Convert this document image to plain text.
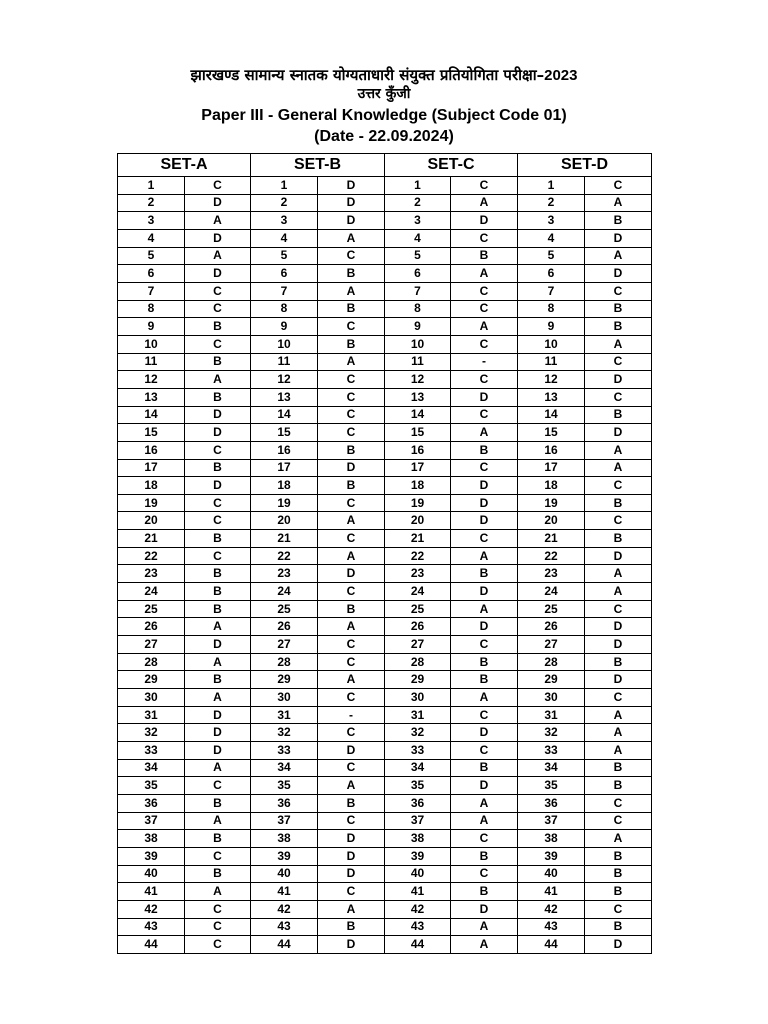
झारखण्ड सामान्य स्नातक योग्यताधारी संयुक्त प्रतियोगिता परीक्षा–2023
उत्तर कुँजी
Paper III - General Knowledge (Subject Code 01)
(Date - 22.09.2024)
SET-A		SET-B		SET-C		SET-D	
1	C	1	D	1	C	1	C
2	D	2	D	2	A	2	A
3	A	3	D	3	D	3	B
4	D	4	A	4	C	4	D
5	A	5	C	5	B	5	A
6	D	6	B	6	A	6	D
7	C	7	A	7	C	7	C
8	C	8	B	8	C	8	B
9	B	9	C	9	A	9	B
10	C	10	B	10	C	10	A
11	B	11	A	11	-	11	C
12	A	12	C	12	C	12	D
13	B	13	C	13	D	13	C
14	D	14	C	14	C	14	B
15	D	15	C	15	A	15	D
16	C	16	B	16	B	16	A
17	B	17	D	17	C	17	A
18	D	18	B	18	D	18	C
19	C	19	C	19	D	19	B
20	C	20	A	20	D	20	C
21	B	21	C	21	C	21	B
22	C	22	A	22	A	22	D
23	B	23	D	23	B	23	A
24	B	24	C	24	D	24	A
25	B	25	B	25	A	25	C
26	A	26	A	26	D	26	D
27	D	27	C	27	C	27	D
28	A	28	C	28	B	28	B
29	B	29	A	29	B	29	D
30	A	30	C	30	A	30	C
31	D	31	-	31	C	31	A
32	D	32	C	32	D	32	A
33	D	33	D	33	C	33	A
34	A	34	C	34	B	34	B
35	C	35	A	35	D	35	B
36	B	36	B	36	A	36	C
37	A	37	C	37	A	37	C
38	B	38	D	38	C	38	A
39	C	39	D	39	B	39	B
40	B	40	D	40	C	40	B
41	A	41	C	41	B	41	B
42	C	42	A	42	D	42	C
43	C	43	B	43	A	43	B
44	C	44	D	44	A	44	D
